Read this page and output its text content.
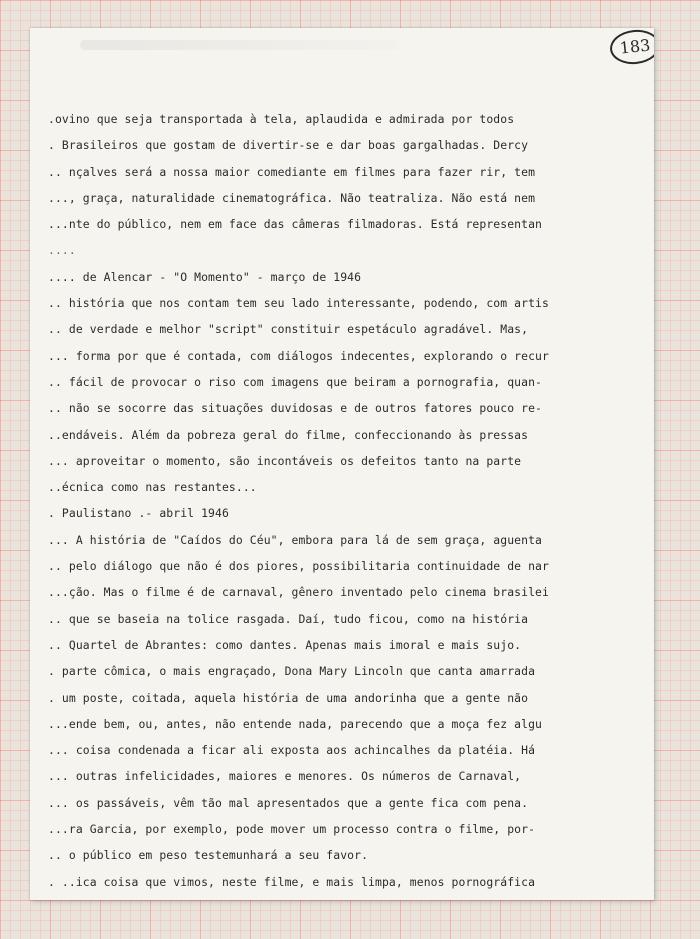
183
.ovino que seja transportada à tela, aplaudida e admirada por todos
. Brasileiros que gostam de divertir-se e dar boas gargalhadas. Dercy
.. nçalves será a nossa maior comediante em filmes para fazer rir, tem
..., graça, naturalidade cinematográfica. Não teatraliza. Não está nem
...nte do público, nem em face das câmeras filmadoras. Está representan
....
.... de Alencar - "O Momento" - março de 1946
.. história que nos contam tem seu lado interessante, podendo, com artis
.. de verdade e melhor "script" constituir espetáculo agradável. Mas,
... forma por que é contada, com diálogos indecentes, explorando o recur
.. fácil de provocar o riso com imagens que beiram a pornografia, quan-
.. não se socorre das situações duvidosas e de outros fatores pouco re-
..endáveis. Além da pobreza geral do filme, confeccionando às pressas
... aproveitar o momento, são incontáveis os defeitos tanto na parte
..écnica como nas restantes...
. Paulistano .- abril 1946
... A história de "Caídos do Céu", embora para lá de sem graça, aguenta
.. pelo diálogo que não é dos piores, possibilitaria continuidade de nar
...ção. Mas o filme é de carnaval, gênero inventado pelo cinema brasilei
.. que se baseia na tolice rasgada. Daí, tudo ficou, como na história
.. Quartel de Abrantes: como dantes. Apenas mais imoral e mais sujo.
. parte cômica, o mais engraçado, Dona Mary Lincoln que canta amarrada
. um poste, coitada, aquela história de uma andorinha que a gente não
...ende bem, ou, antes, não entende nada, parecendo que a moça fez algu
... coisa condenada a ficar ali exposta aos achincalhes da platéia. Há
... outras infelicidades, maiores e menores. Os números de Carnaval,
... os passáveis, vêm tão mal apresentados que a gente fica com pena.
...ra Garcia, por exemplo, pode mover um processo contra o filme, por-
.. o público em peso testemunhará a seu favor.
. ..ica coisa que vimos, neste filme, e mais limpa, menos pornográfica
